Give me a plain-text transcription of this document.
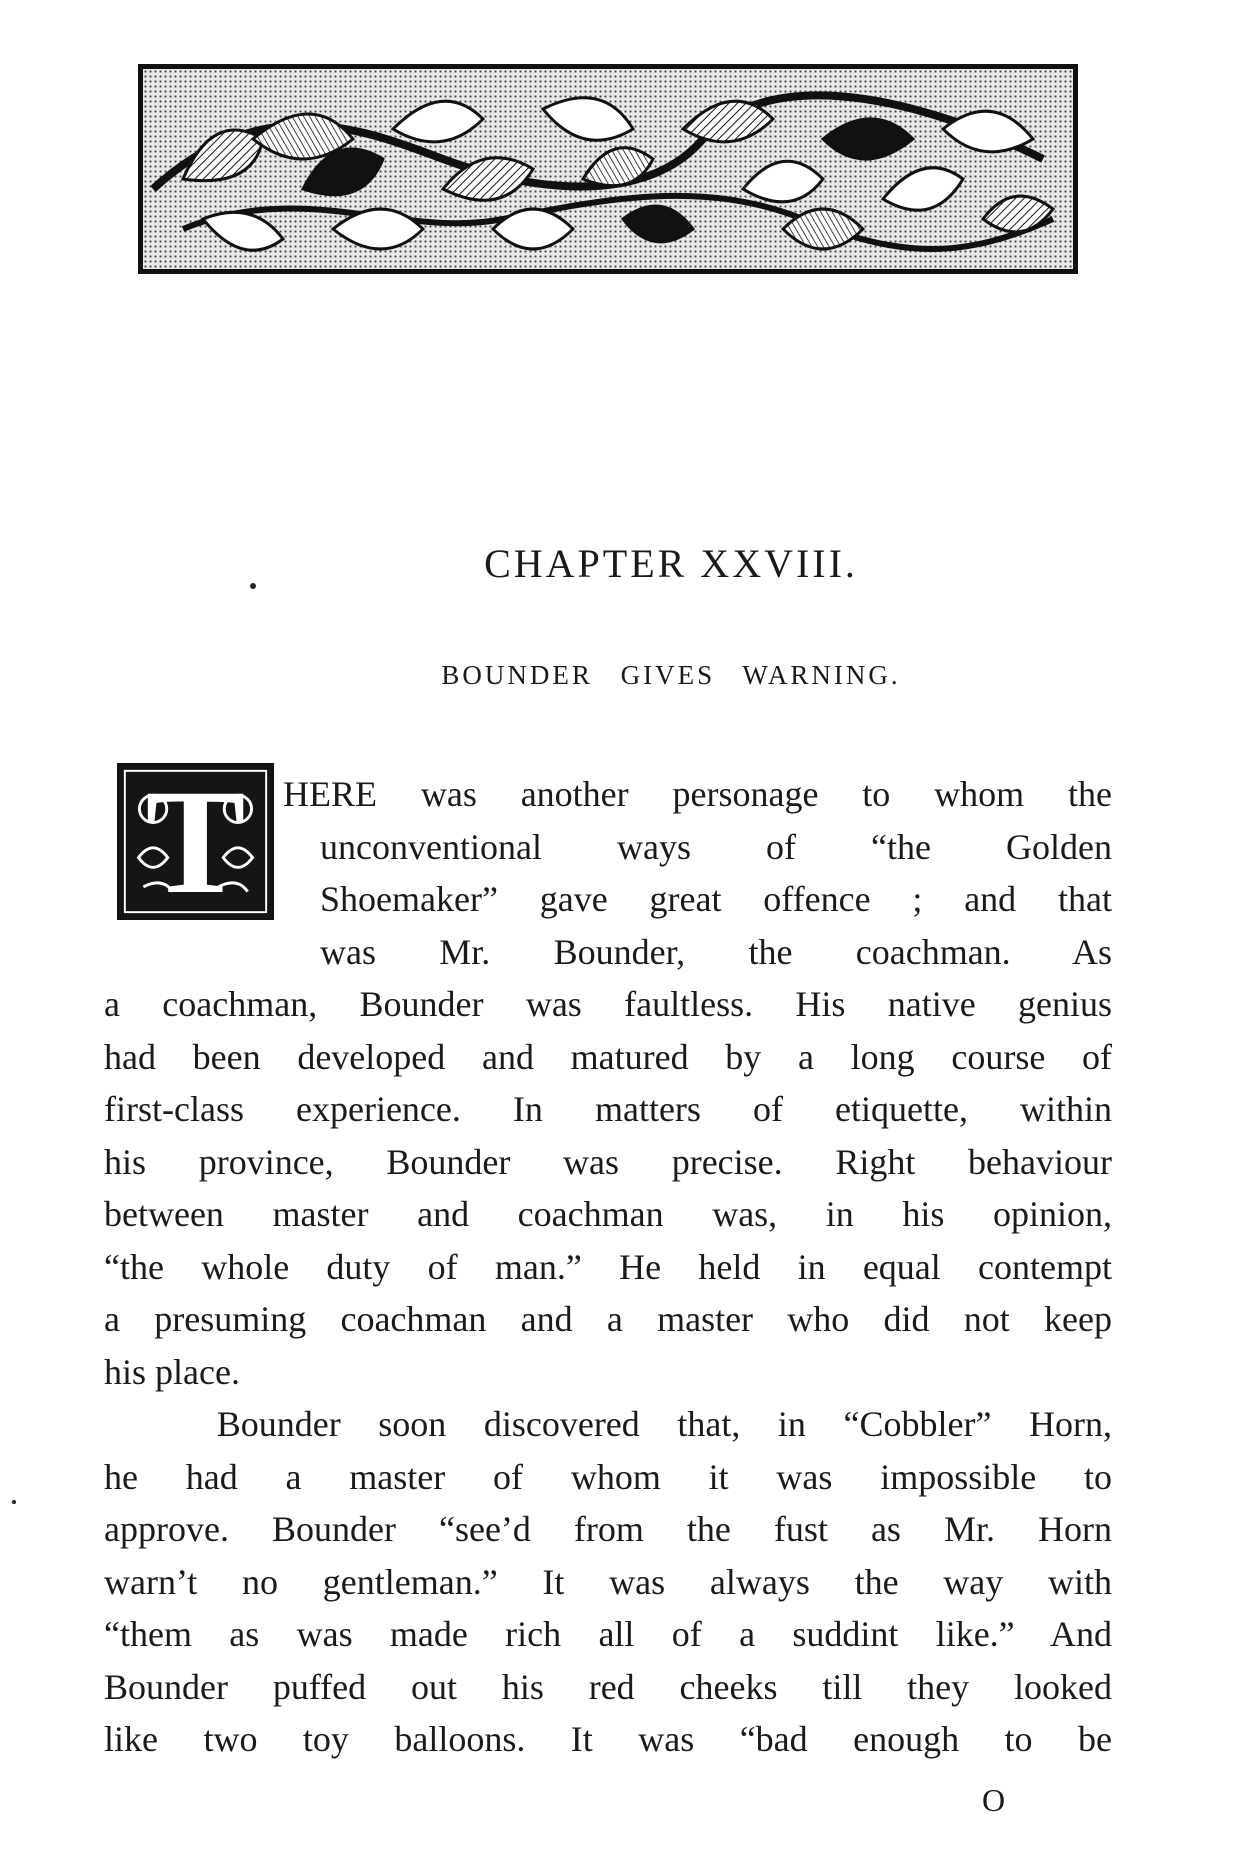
CHAPTER XXVIII.
BOUNDER GIVES WARNING.
T	HERE was another personage to whom the
unconventional ways of “the Golden
Shoemaker” gave great offence ; and that
was Mr. Bounder, the coachman. As
a coachman, Bounder was faultless. His native genius
had been developed and matured by a long course of
first-class experience. In matters of etiquette, within
his province, Bounder was precise. Right behaviour
between master and coachman was, in his opinion,
“the whole duty of man.” He held in equal contempt
a presuming coachman and a master who did not keep
his place.
Bounder soon discovered that, in “Cobbler” Horn,
he had a master of whom it was impossible to
approve. Bounder “see’d from the fust as Mr. Horn
warn’t no gentleman.” It was always the way with
“them as was made rich all of a suddint like.” And
Bounder puffed out his red cheeks till they looked
like two toy balloons. It was “bad enough to be

O
